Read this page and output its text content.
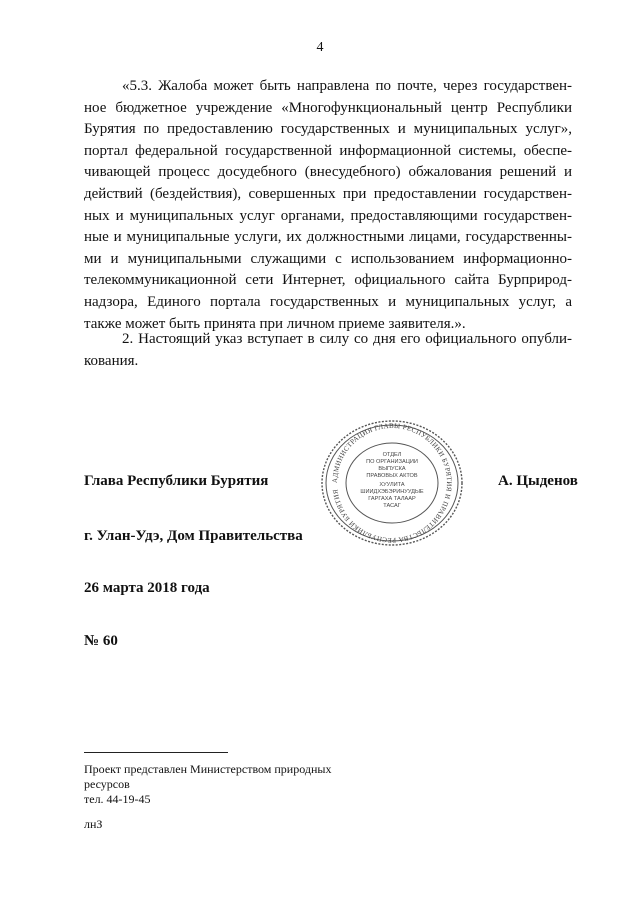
4
«5.3. Жалоба может быть направлена по почте, через государствен-
ное бюджетное учреждение «Многофункциональный центр Республики
Бурятия по предоставлению государственных и муниципальных услуг»,
портал федеральной государственной информационной системы, обеспе-
чивающей процесс досудебного (внесудебного) обжалования решений и
действий (бездействия), совершенных при предоставлении государствен-
ных и муниципальных услуг органами, предоставляющими государствен-
ные и муниципальные услуги, их должностными лицами, государственны-
ми и муниципальными служащими с использованием информационно-
телекоммуникационной сети Интернет, официального сайта Бурприрод-
надзора, Единого портала государственных и муниципальных услуг, а
также может быть принята при личном приеме заявителя.».
2. Настоящий указ вступает в силу со дня его официального опубли-
кования.
Глава Республики Бурятия	А. Цыденов
АДМИНИСТРАЦИЯ ГЛАВЫ РЕСПУБЛИКИ БУРЯТИЯ И ПРАВИТЕЛЬСТВА РЕСПУБЛИКИ БУРЯТИЯ
ОТДЕЛ
ПО ОРГАНИЗАЦИИ
ВЫПУСКА
ПРАВОВЫХ АКТОВ
ХУУЛИТА
ШИИДХЭБЭРИНУУДЫЕ
ГАРГАХА ТАЛААР
ТАСАГ
г. Улан-Удэ, Дом Правительства
26 марта 2018 года
№ 60
Проект представлен Министерством природных
ресурсов
тел. 44-19-45
лнЗ
